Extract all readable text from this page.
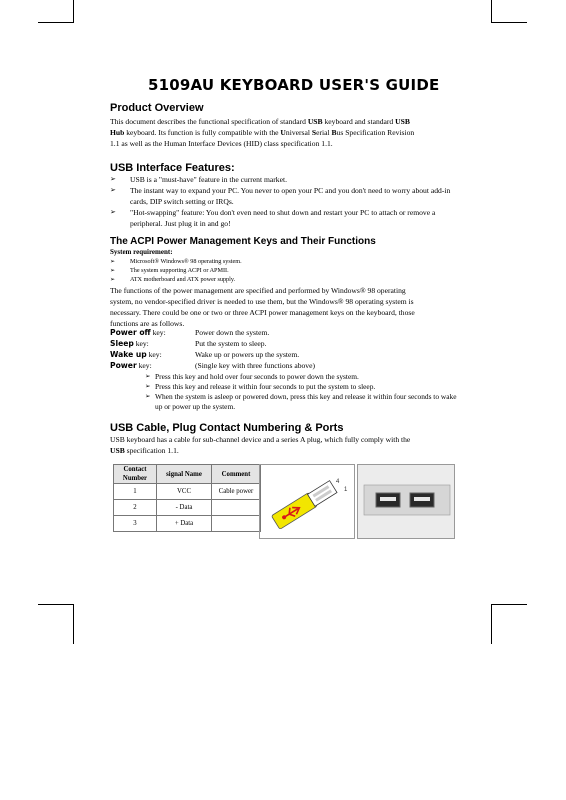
5109AU KEYBOARD USER'S GUIDE
Product Overview
This document describes the functional specification of standard USB keyboard and standard USB
Hub keyboard. Its function is fully compatible with the Universal Serial Bus Specification Revision
1.1 as well as the Human Interface Devices (HID) class specification 1.1.
USB Interface Features:
➢ USB is a "must-have" feature in the current market.
➢ The instant way to expand your PC. You never to open your PC and you don't need to worry about add-in cards, DIP switch setting or IRQs.
➢ "Hot-swapping" feature: You don't even need to shut down and restart your PC to attach or remove a peripheral. Just plug it in and go!
The ACPI Power Management Keys and Their Functions
System requirement:
➢ Microsoft® Windows® 98 operating system.
➢ The system supporting ACPI or APMII.
➢ ATX motherboard and ATX power supply.
The functions of the power management are specified and performed by Windows® 98 operating
system, no vendor-specified driver is needed to use them, but the Windows® 98 operating system is
necessary. There could be one or two or three ACPI power management keys on the keyboard, those
functions are as follows.
Power off key:	Power down the system.
Sleep key:	Put the system to sleep.
Wake up key:	Wake up or powers up the system.
Power key:	(Single key with three functions above)
➢ Press this key and hold over four seconds to power down the system.
➢ Press this key and release it within four seconds to put the system to sleep.
➢ When the system is asleep or powered down, press this key and release it within four seconds to wake up or power up the system.
USB Cable, Plug Contact Numbering & Ports
USB keyboard has a cable for sub-channel device and a series A plug, which fully comply with the
USB specification 1.1.
Contact Number	signal Name	Comment
1	VCC	Cable power
2	- Data	
3	+ Data	
4
1
